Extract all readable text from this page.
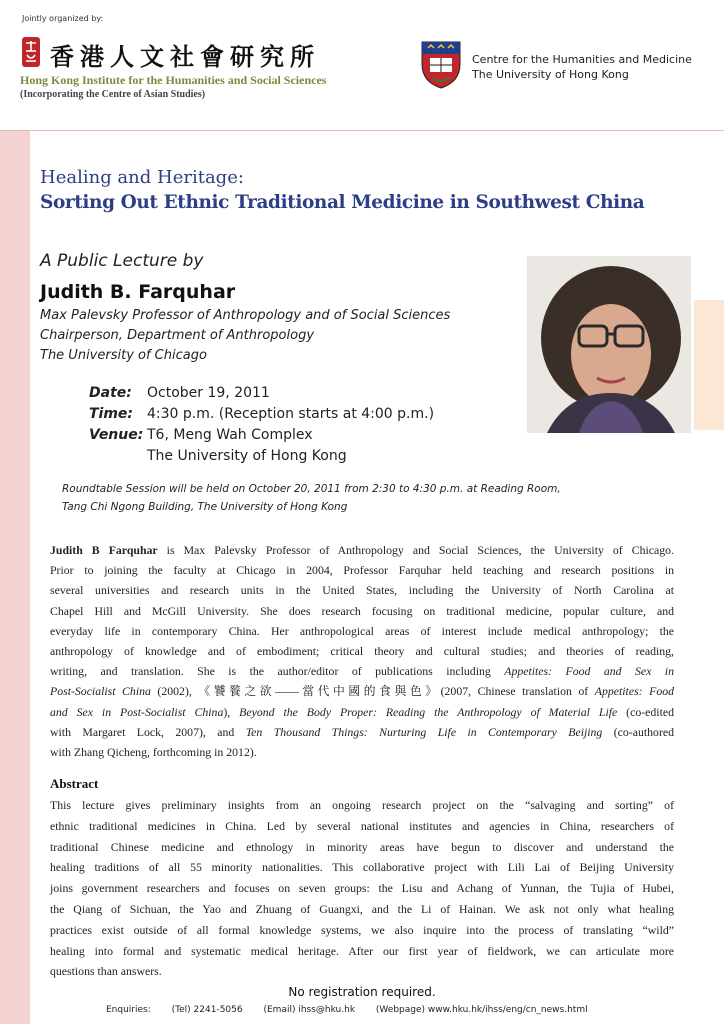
Jointly organized by:
香港人文社會研究所
Hong Kong Institute for the Humanities and Social Sciences
(Incorporating the Centre of Asian Studies)
Centre for the Humanities and Medicine
The University of Hong Kong
Healing and Heritage:
Sorting Out Ethnic Traditional Medicine in Southwest China
A Public Lecture by
Judith B. Farquhar
Max Palevsky Professor of Anthropology and of Social Sciences
Chairperson, Department of Anthropology
The University of Chicago
Date:	October 19, 2011
Time: 4:30 p.m. (Reception starts at 4:00 p.m.)
Venue: T6, Meng Wah Complex
The University of Hong Kong
Roundtable Session will be held on October 20, 2011 from 2:30 to 4:30 p.m. at Reading Room,
Tang Chi Ngong Building, The University of Hong Kong
Judith B Farquhar is Max Palevsky Professor of Anthropology and Social Sciences, the University of Chicago.
Prior to joining the faculty at Chicago in 2004, Professor Farquhar held teaching and research positions in
several universities and research units in the United States, including the University of North Carolina at
Chapel Hill and McGill University. She does research focusing on traditional medicine, popular culture, and
everyday life in contemporary China. Her anthropological areas of interest include medical anthropology; the
anthropology of knowledge and of embodiment; critical theory and cultural studies; and theories of reading,
writing, and translation. She is the author/editor of publications including Appetites: Food and Sex in
Post-Socialist China (2002), 《饕餮之欲——當代中國的食與色》(2007, Chinese translation of Appetites: Food
and Sex in Post-Socialist China), Beyond the Body Proper: Reading the Anthropology of Material Life (co-edited
with Margaret Lock, 2007), and Ten Thousand Things: Nurturing Life in Contemporary Beijing (co-authored
with Zhang Qicheng, forthcoming in 2012).
Abstract
This lecture gives preliminary insights from an ongoing research project on the “salvaging and sorting” of
ethnic traditional medicines in China. Led by several national institutes and agencies in China, researchers of
traditional Chinese medicine and ethnology in minority areas have begun to discover and understand the
healing traditions of all 55 minority nationalities. This collaborative project with Lili Lai of Beijing University
joins government researchers and focuses on seven groups: the Lisu and Achang of Yunnan, the Tujia of Hubei,
the Qiang of Sichuan, the Yao and Zhuang of Guangxi, and the Li of Hainan. We ask not only what healing
practices exist outside of all formal knowledge systems, we also inquire into the process of translating “wild”
healing into formal and systematic medical heritage. After our first year of fieldwork, we can articulate more
questions than answers.
No registration required.
Enquiries: (Tel) 2241-5056 (Email) ihss@hku.hk (Webpage) www.hku.hk/ihss/eng/cn_news.html
